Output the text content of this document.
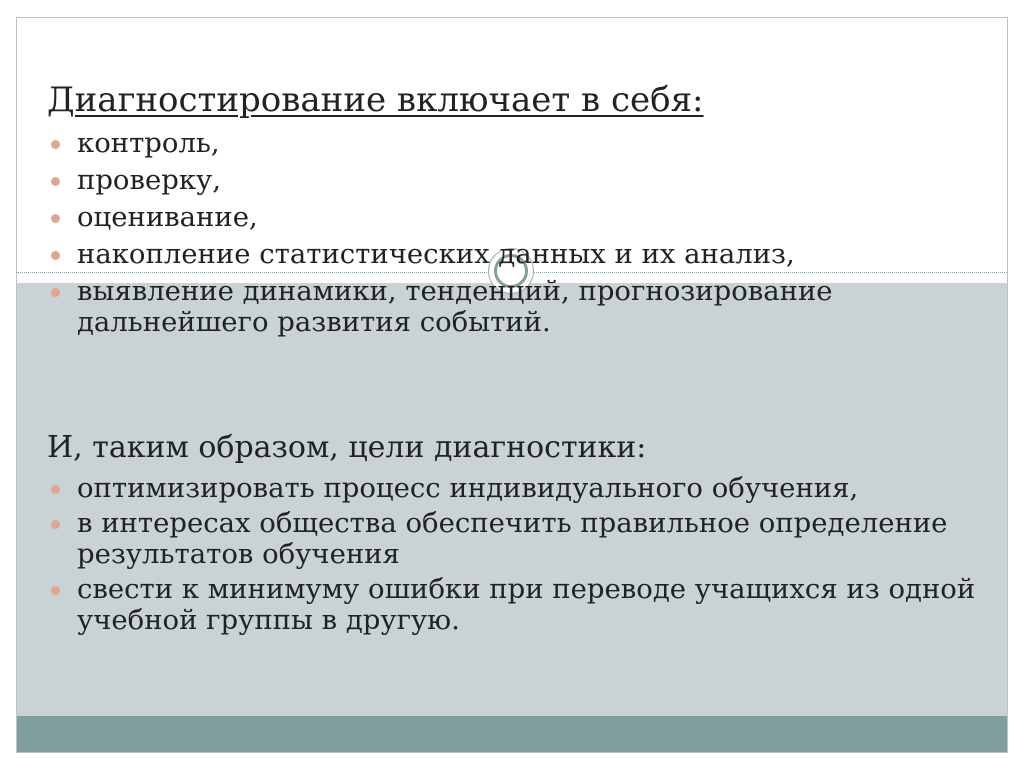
Диагностирование включает в себя:
контроль,
проверку,
оценивание,
накопление статистических данных и их анализ,
выявление динамики, тенденций, прогнозирование дальнейшего развития событий.
И, таким образом, цели диагностики:
оптимизировать процесс индивидуального обучения,
в интересах общества обеспечить правильное определение результатов обучения
свести к минимуму ошибки при переводе учащихся из одной учебной группы в другую.
